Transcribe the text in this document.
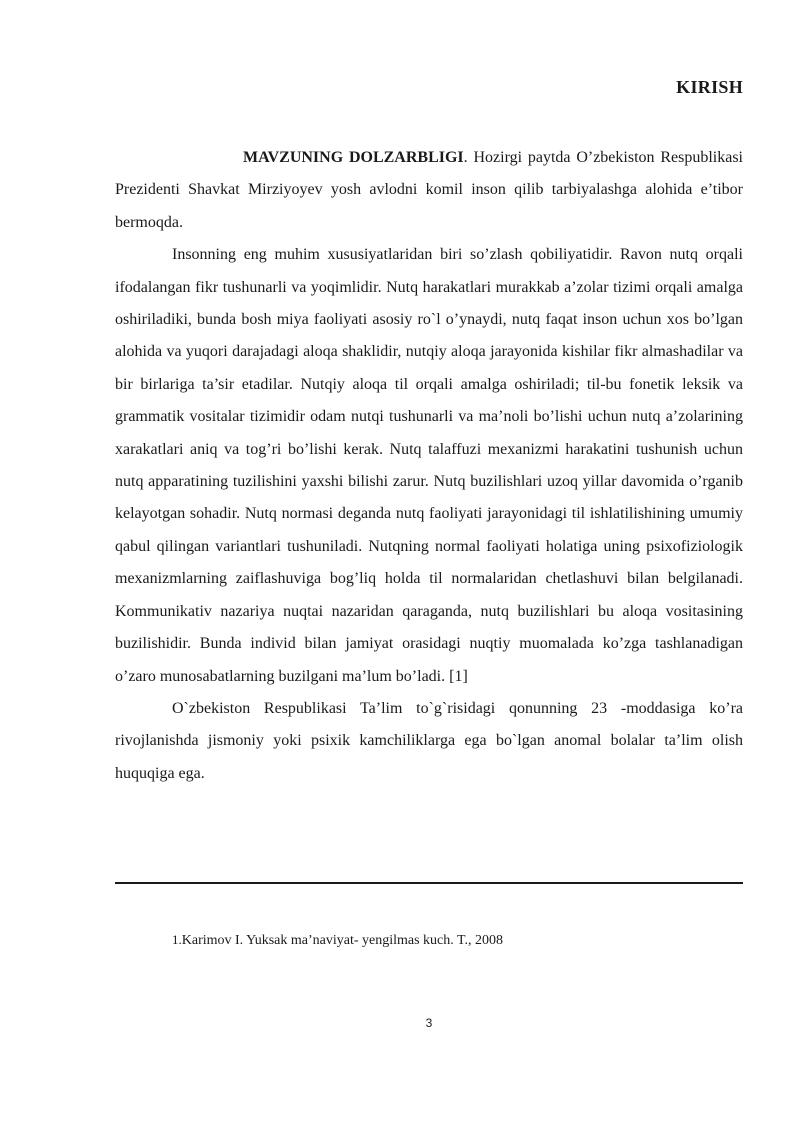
KIRISH

MAVZUNING DOLZARBLIGI. Hozirgi paytda O’zbekiston Respublikasi Prezidenti Shavkat Mirziyoyev yosh avlodni komil inson qilib tarbiyalashga alohida e’tibor bermoqda.

Insonning eng muhim xususiyatlaridan biri so’zlash qobiliyatidir. Ravon nutq orqali ifodalangan fikr tushunarli va yoqimlidir. Nutq harakatlari murakkab a’zolar tizimi orqali amalga oshiriladiki, bunda bosh miya faoliyati asosiy ro`l o’ynaydi, nutq faqat inson uchun xos bo’lgan alohida va yuqori darajadagi aloqa shaklidir, nutqiy aloqa jarayonida kishilar fikr almashadilar va bir birlariga ta’sir etadilar. Nutqiy aloqa til orqali amalga oshiriladi; til-bu fonetik leksik va grammatik vositalar tizimidir odam nutqi tushunarli va ma’noli bo’lishi uchun nutq a’zolarining xarakatlari aniq va tog’ri bo’lishi kerak. Nutq talaffuzi mexanizmi harakatini tushunish uchun nutq apparatining tuzilishini yaxshi bilishi zarur. Nutq buzilishlari uzoq yillar davomida o’rganib kelayotgan sohadir. Nutq normasi deganda nutq faoliyati jarayonidagi til ishlatilishining umumiy qabul qilingan variantlari tushuniladi. Nutqning normal faoliyati holatiga uning psixofiziologik mexanizmlarning zaiflashuviga bog’liq holda til normalaridan chetlashuvi bilan belgilanadi. Kommunikativ nazariya nuqtai nazaridan qaraganda, nutq buzilishlari bu aloqa vositasining buzilishidir. Bunda individ bilan jamiyat orasidagi nuqtiy muomalada ko’zga tashlanadigan o’zaro munosabatlarning buzilgani ma’lum bo’ladi. [1]

O`zbekiston Respublikasi Ta’lim to`g`risidagi qonunning 23 -moddasiga ko’ra rivojlanishda jismoniy yoki psixik kamchiliklarga ega bo`lgan anomal bolalar ta’lim olish huquqiga ega.

1.Karimov I. Yuksak ma’naviyat- yengilmas kuch. T., 2008
3
